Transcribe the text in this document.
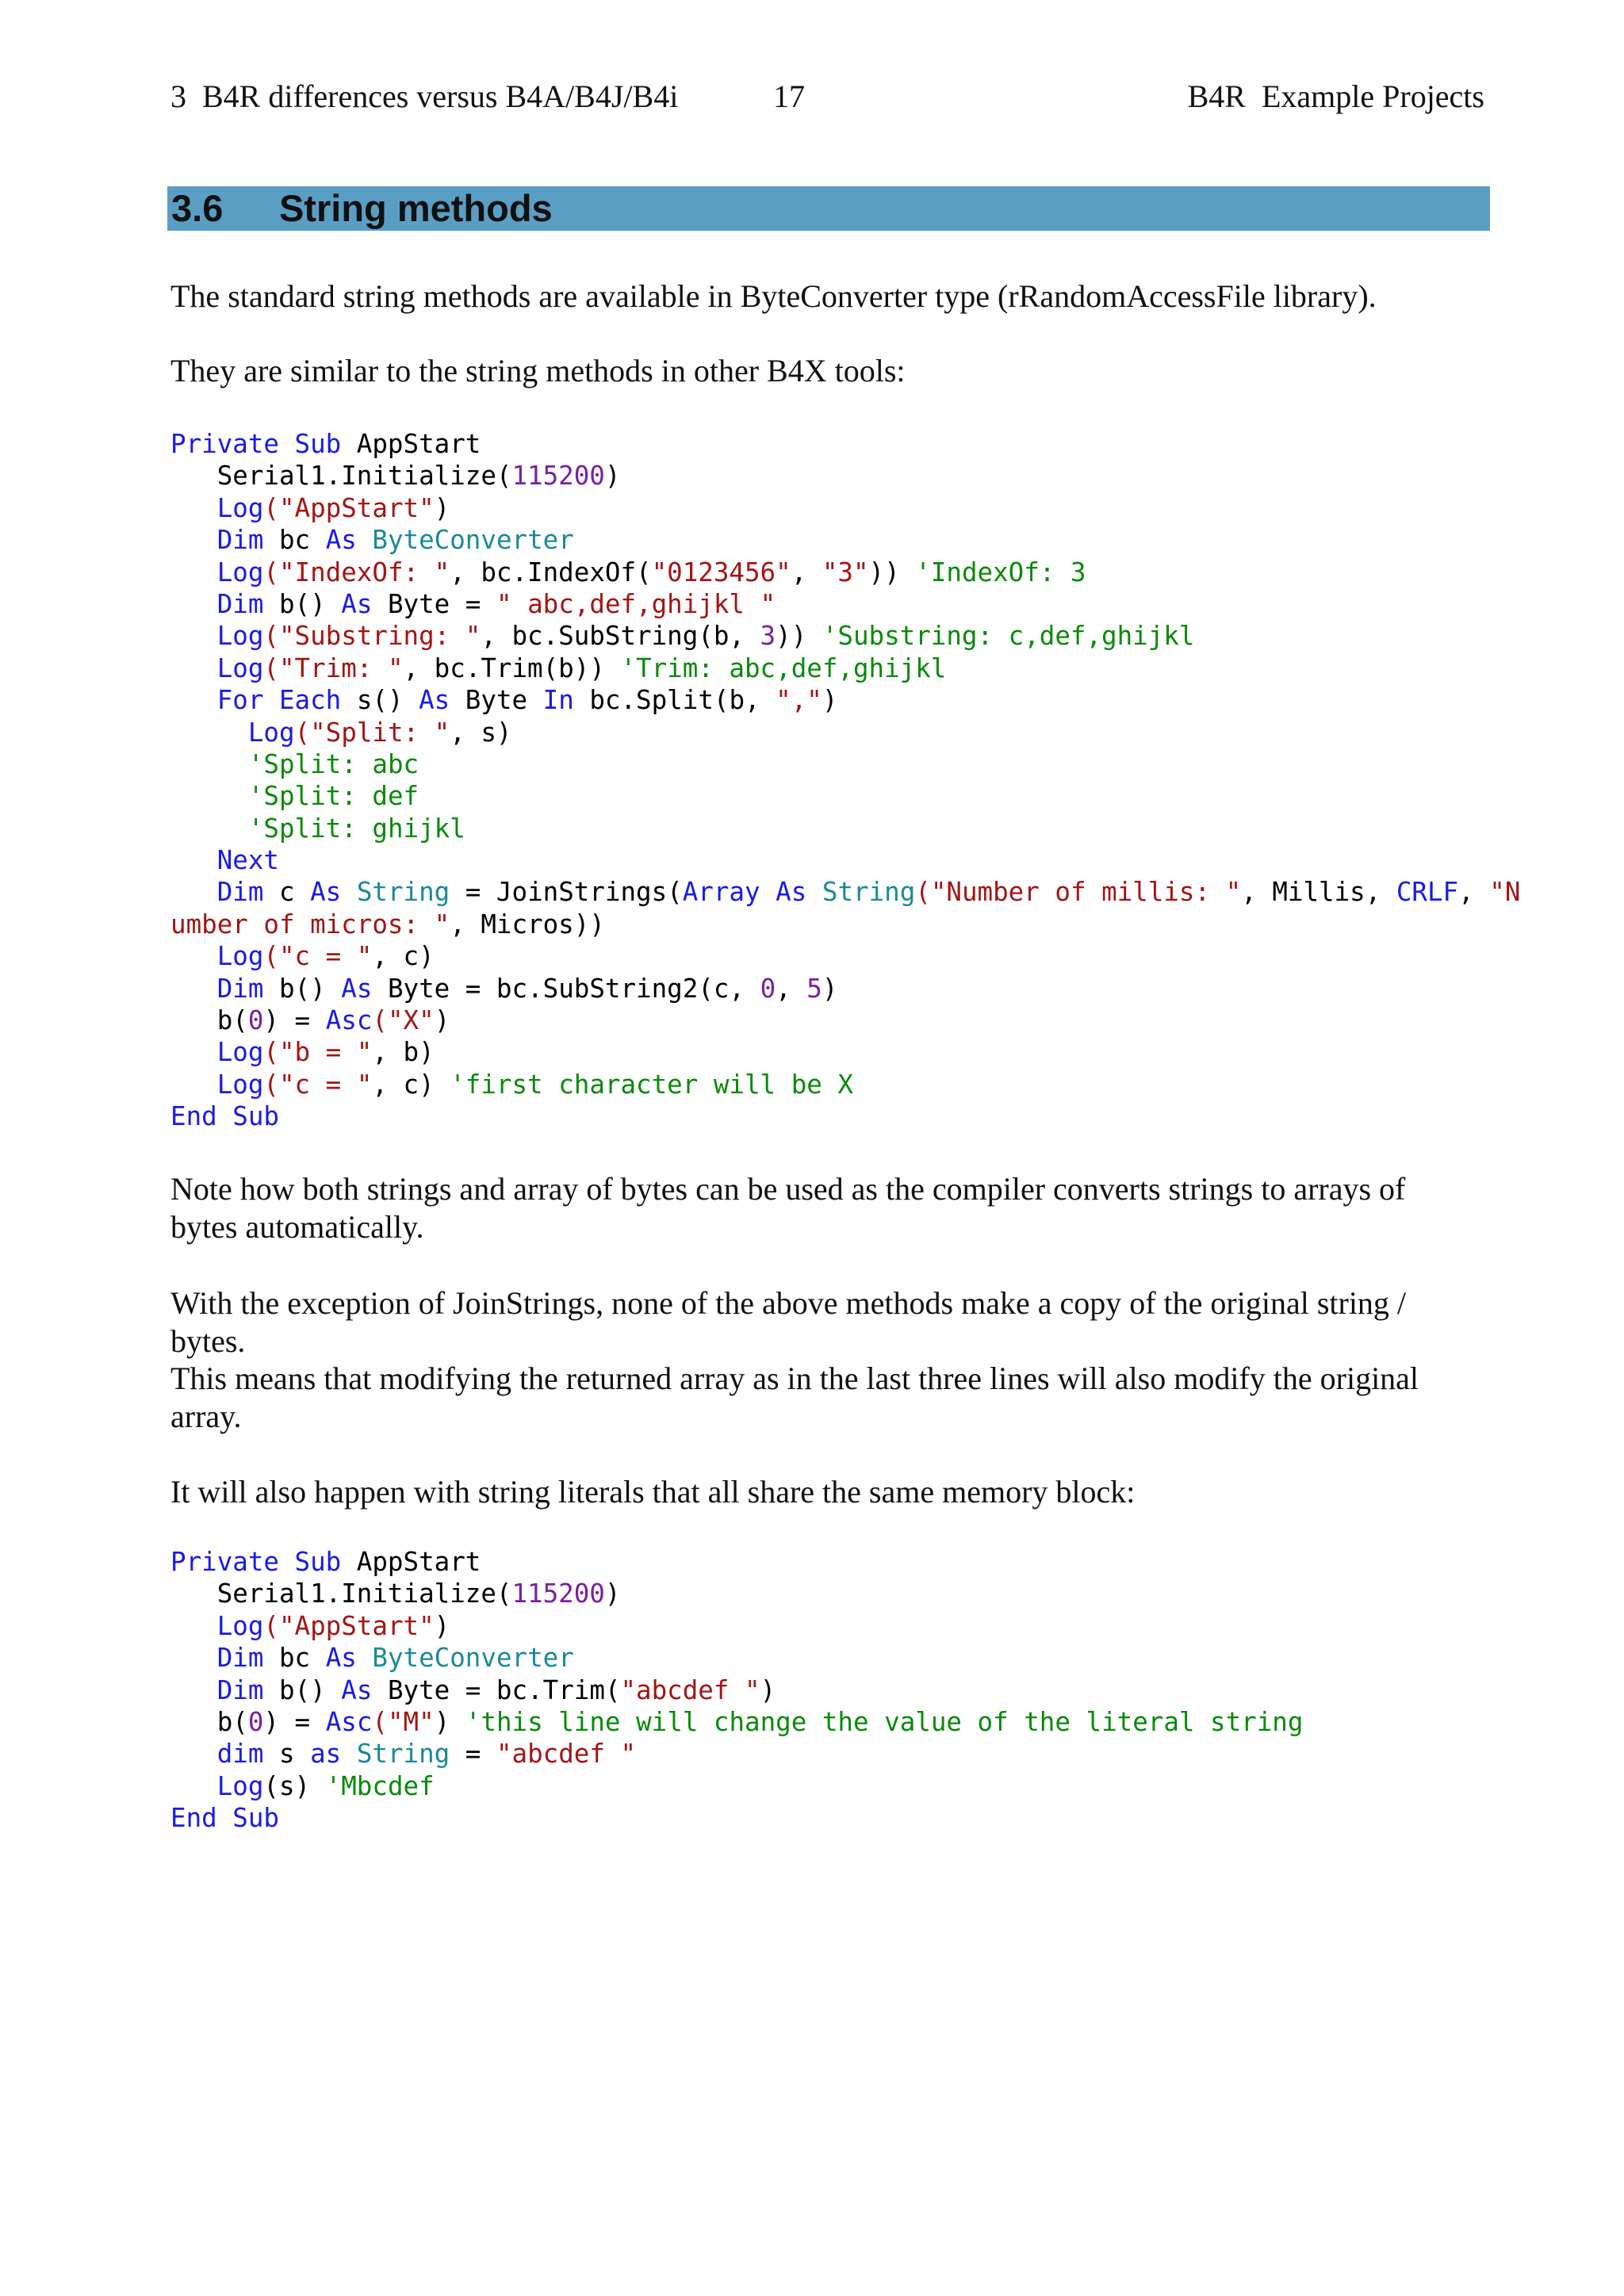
3  B4R differences versus B4A/B4J/B4i	17	B4R  Example Projects
3.6 String methods

The standard string methods are available in ByteConverter type (rRandomAccessFile library).

They are similar to the string methods in other B4X tools:

Private Sub AppStart
Serial1.Initialize(115200)
Log("AppStart")
Dim bc As ByteConverter
Log("IndexOf: ", bc.IndexOf("0123456", "3")) 'IndexOf: 3
Dim b() As Byte = " abc,def,ghijkl "
Log("Substring: ", bc.SubString(b, 3)) 'Substring: c,def,ghijkl
Log("Trim: ", bc.Trim(b)) 'Trim: abc,def,ghijkl
For Each s() As Byte In bc.Split(b, ",")
Log("Split: ", s)
'Split: abc
'Split: def
'Split: ghijkl
Next
Dim c As String = JoinStrings(Array As String("Number of millis: ", Millis, CRLF, "N
umber of micros: ", Micros))
Log("c = ", c)
Dim b() As Byte = bc.SubString2(c, 0, 5)
b(0) = Asc("X")
Log("b = ", b)
Log("c = ", c) 'first character will be X
End Sub

Note how both strings and array of bytes can be used as the compiler converts strings to arrays of

bytes automatically.

With the exception of JoinStrings, none of the above methods make a copy of the original string /

bytes.

This means that modifying the returned array as in the last three lines will also modify the original

array.

It will also happen with string literals that all share the same memory block:

Private Sub AppStart
Serial1.Initialize(115200)
Log("AppStart")
Dim bc As ByteConverter
Dim b() As Byte = bc.Trim("abcdef ")
b(0) = Asc("M") 'this line will change the value of the literal string
dim s as String = "abcdef "
Log(s) 'Mbcdef
End Sub
